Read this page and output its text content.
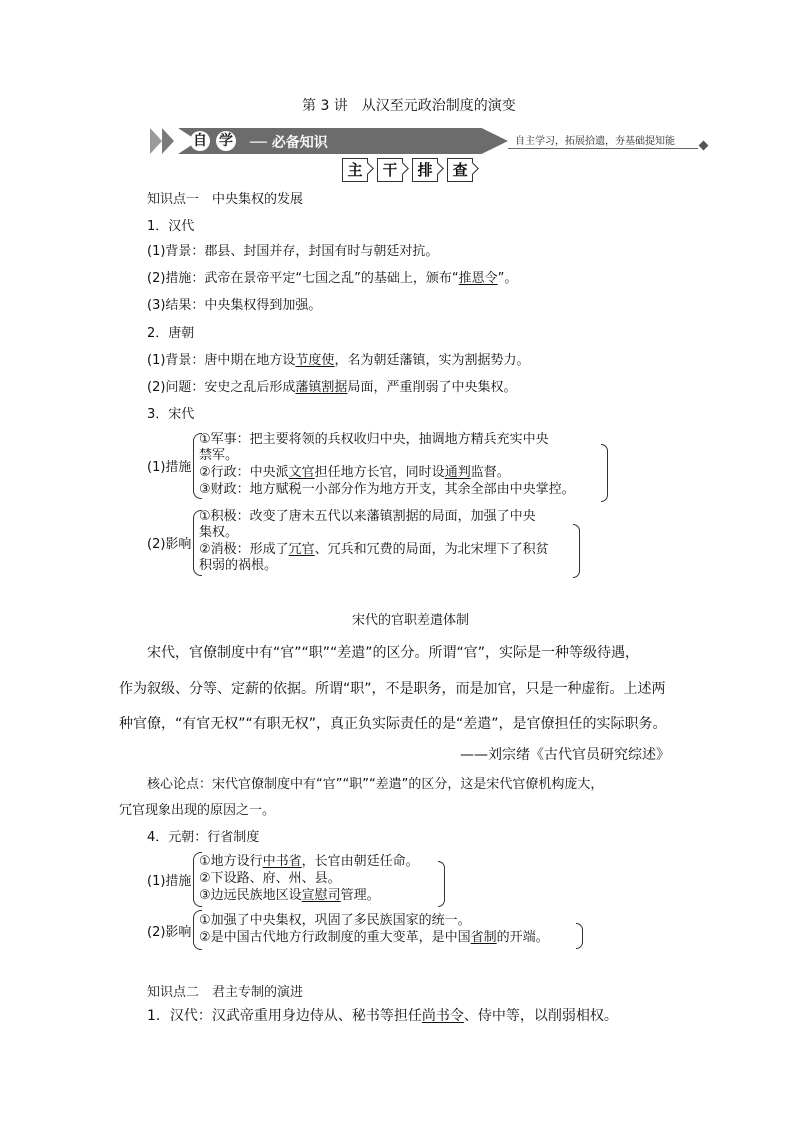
第 3 讲　从汉至元政治制度的演变
自 学 ── 必备知识	自主学习，拓展拾遗，夯基础提知能
主 干 排 查
知识点一　中央集权的发展
1．汉代
(1)背景：郡县、封国并存，封国有时与朝廷对抗。
(2)措施：武帝在景帝平定“七国之乱”的基础上，颁布“推恩令”。
(3)结果：中央集权得到加强。
2．唐朝
(1)背景：唐中期在地方设节度使，名为朝廷藩镇，实为割据势力。
(2)问题：安史之乱后形成藩镇割据局面，严重削弱了中央集权。
3．宋代
(1)措施
①军事：把主要将领的兵权收归中央，抽调地方精兵充实中央
禁军。
②行政：中央派文官担任地方长官，同时设通判监督。
③财政：地方赋税一小部分作为地方开支，其余全部由中央掌控。
(2)影响
①积极：改变了唐末五代以来藩镇割据的局面，加强了中央
集权。
②消极：形成了冗官、冗兵和冗费的局面，为北宋埋下了积贫
积弱的祸根。
宋代的官职差遣体制
宋代，官僚制度中有“官”“职”“差遣”的区分。所谓“官”，实际是一种等级待遇，
作为叙级、分等、定薪的依据。所谓“职”，不是职务，而是加官，只是一种虚衔。上述两
种官僚，“有官无权”“有职无权”，真正负实际责任的是“差遣”，是官僚担任的实际职务。
——刘宗绪《古代官员研究综述》
核心论点：宋代官僚制度中有“官”“职”“差遣”的区分，这是宋代官僚机构庞大，
冗官现象出现的原因之一。
4．元朝：行省制度
(1)措施
①地方设行中书省，长官由朝廷任命。
②下设路、府、州、县。
③边远民族地区设宣慰司管理。
(2)影响
①加强了中央集权，巩固了多民族国家的统一。
②是中国古代地方行政制度的重大变革，是中国省制的开端。
知识点二　君主专制的演进
1．汉代：汉武帝重用身边侍从、秘书等担任尚书令、侍中等，以削弱相权。
